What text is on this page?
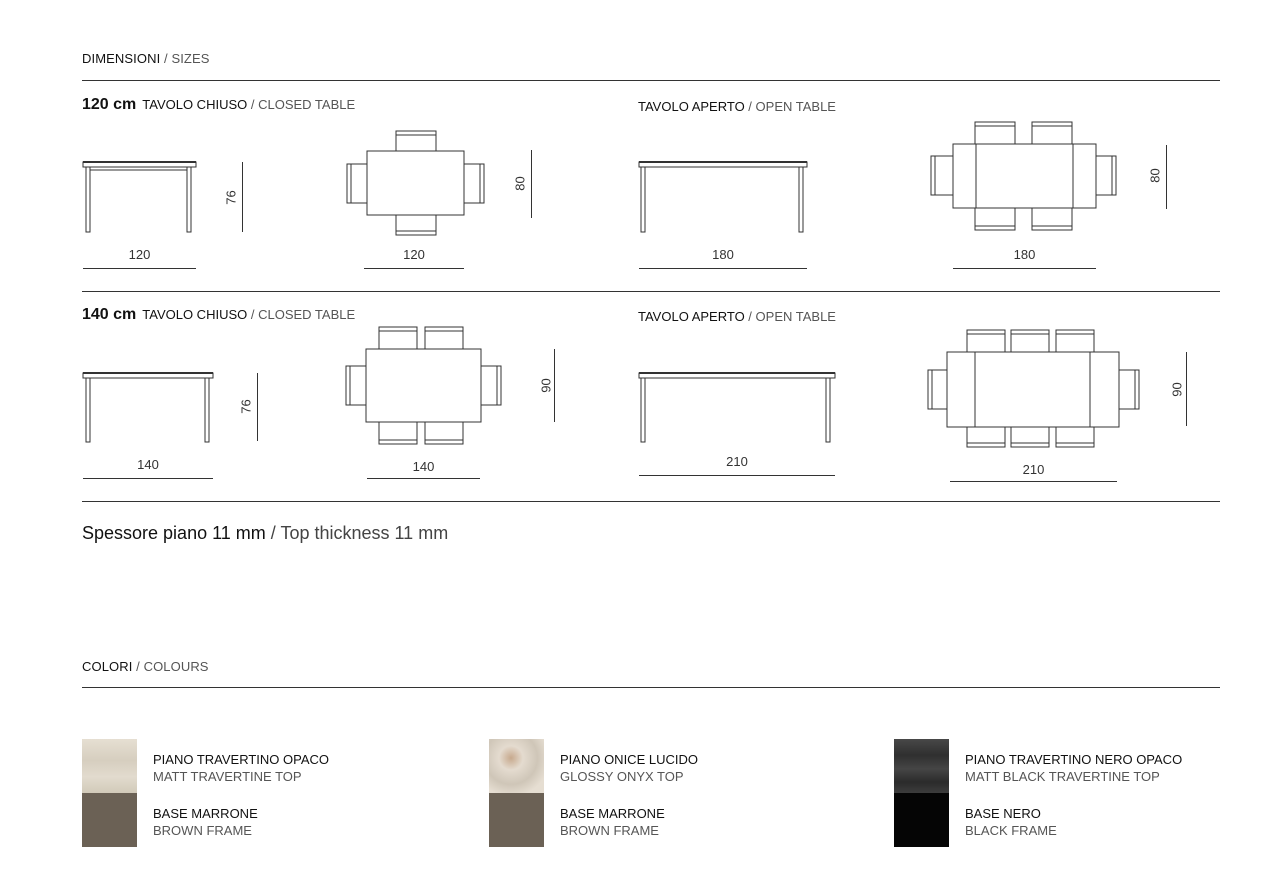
DIMENSIONI / SIZES
120 cm TAVOLO CHIUSO / CLOSED TABLE	TAVOLO APERTO / OPEN TABLE
120
76
120
80
180	180
80
140 cm TAVOLO CHIUSO / CLOSED TABLE	TAVOLO APERTO / OPEN TABLE
140
76
140
90
210
210
90
Spessore piano 11 mm / Top thickness 11 mm
COLORI / COLOURS
PIANO TRAVERTINO OPACO
MATT TRAVERTINE TOP
BASE MARRONE
BROWN FRAME
PIANO ONICE LUCIDO
GLOSSY ONYX TOP
BASE MARRONE
BROWN FRAME
PIANO TRAVERTINO NERO OPACO
MATT BLACK TRAVERTINE TOP
BASE NERO
BLACK FRAME
